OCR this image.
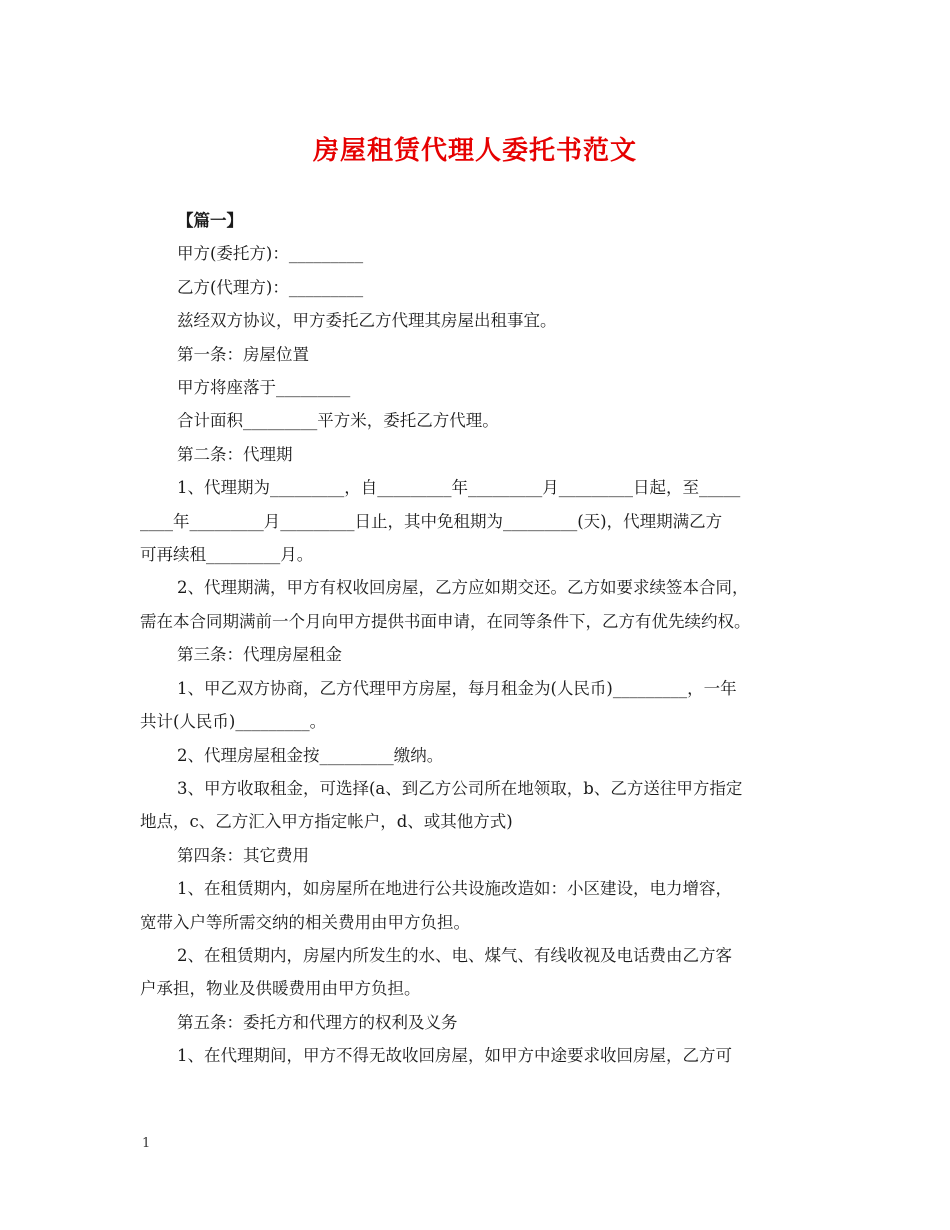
房屋租赁代理人委托书范文

【篇一】

甲方(委托方)：_________

乙方(代理方)：_________

兹经双方协议，甲方委托乙方代理其房屋出租事宜。

第一条：房屋位置

甲方将座落于_________

合计面积_________平方米，委托乙方代理。

第二条：代理期

1、代理期为_________，自_________年_________月_________日起，至_____

____年_________月_________日止，其中免租期为_________(天)，代理期满乙方

可再续租_________月。

2、代理期满，甲方有权收回房屋，乙方应如期交还。乙方如要求续签本合同，

需在本合同期满前一个月向甲方提供书面申请，在同等条件下，乙方有优先续约权。

第三条：代理房屋租金

1、甲乙双方协商，乙方代理甲方房屋，每月租金为(人民币)_________，一年

共计(人民币)_________。

2、代理房屋租金按_________缴纳。

3、甲方收取租金，可选择(a、到乙方公司所在地领取，b、乙方送往甲方指定

地点，c、乙方汇入甲方指定帐户，d、或其他方式)

第四条：其它费用

1、在租赁期内，如房屋所在地进行公共设施改造如：小区建设，电力增容，

宽带入户等所需交纳的相关费用由甲方负担。

2、在租赁期内，房屋内所发生的水、电、煤气、有线收视及电话费由乙方客

户承担，物业及供暖费用由甲方负担。

第五条：委托方和代理方的权利及义务

1、在代理期间，甲方不得无故收回房屋，如甲方中途要求收回房屋，乙方可

1
